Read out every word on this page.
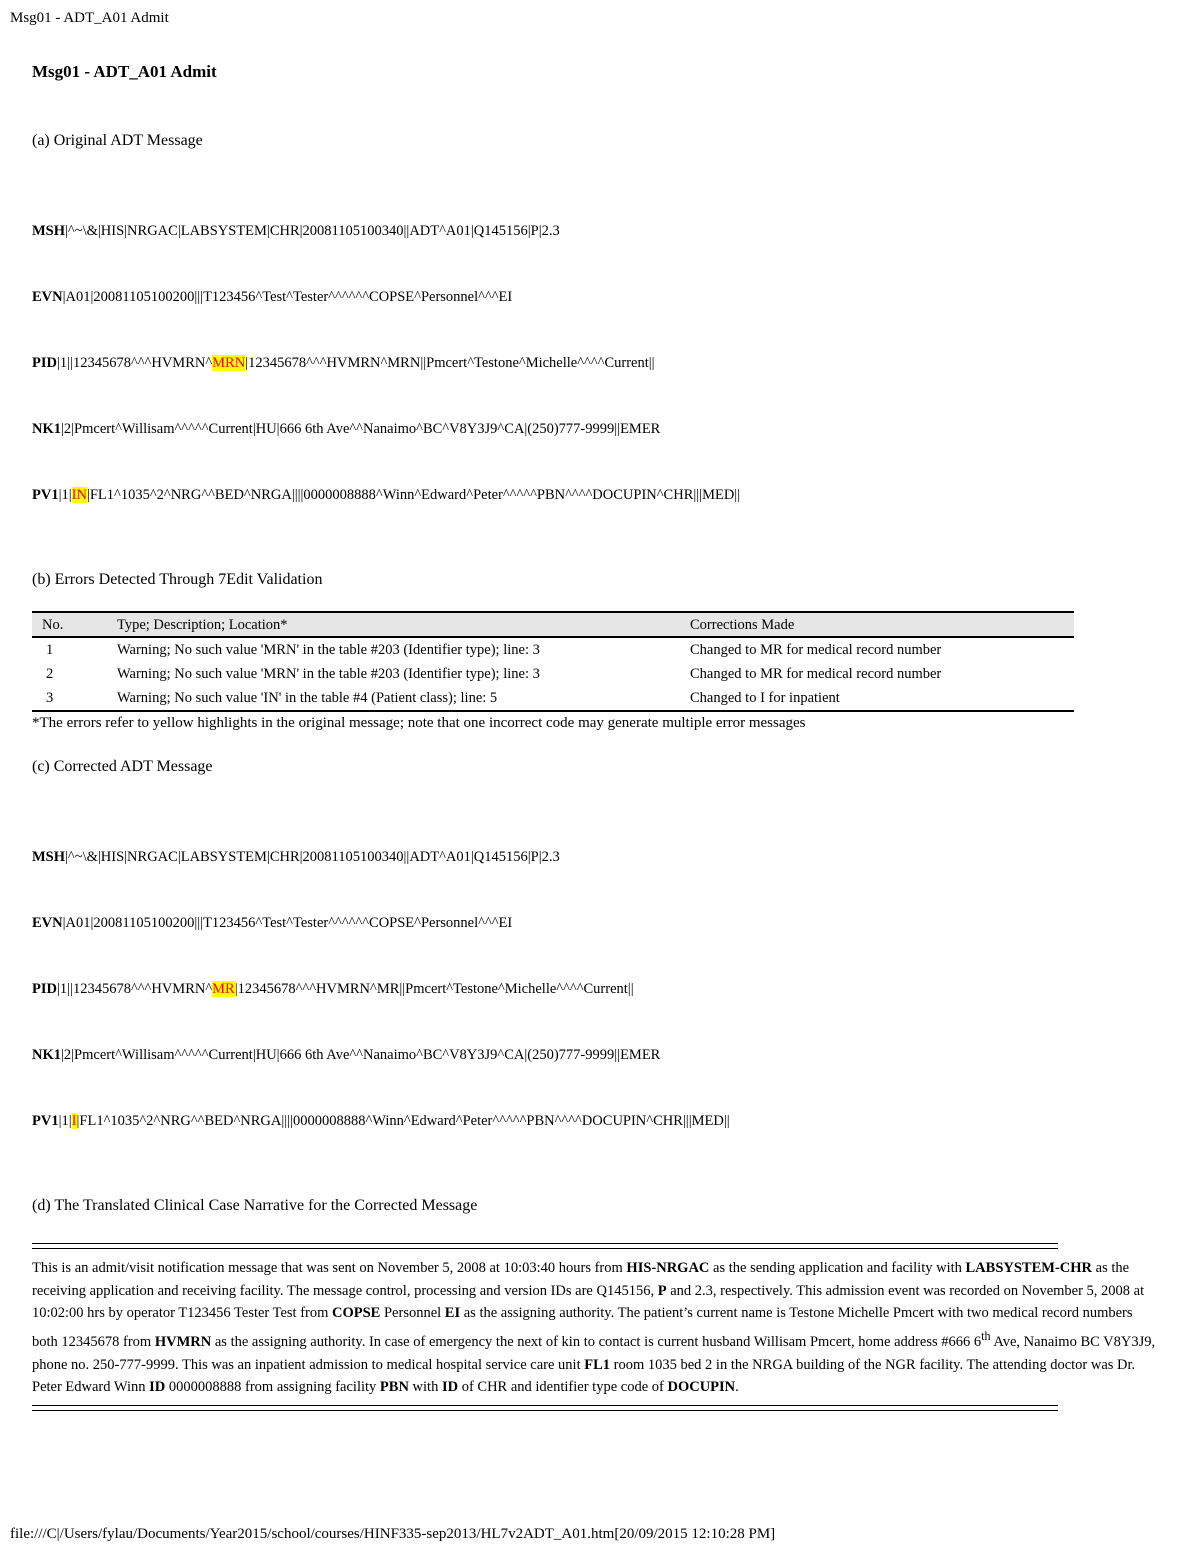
Msg01 - ADT_A01 Admit
Msg01 - ADT_A01 Admit
(a) Original ADT Message

MSH|^~\&|HIS|NRGAC|LABSYSTEM|CHR|20081105100340||ADT^A01|Q145156|P|2.3

EVN|A01|20081105100200|||T123456^Test^Tester^^^^^^COPSE^Personnel^^^EI

PID|1||12345678^^^HVMRN^MRN|12345678^^^HVMRN^MRN||Pmcert^Testone^Michelle^^^^Current||

NK1|2|Pmcert^Willisam^^^^^Current|HU|666 6th Ave^^Nanaimo^BC^V8Y3J9^CA|(250)777-9999||EMER

PV1|1|IN|FL1^1035^2^NRG^^BED^NRGA||||0000008888^Winn^Edward^Peter^^^^^PBN^^^^DOCUPIN^CHR|||MED||

(b) Errors Detected Through 7Edit Validation
No.	Type; Description; Location*	Corrections Made
1	Warning; No such value 'MRN' in the table #203 (Identifier type); line: 3	Changed to MR for medical record number
2	Warning; No such value 'MRN' in the table #203 (Identifier type); line: 3	Changed to MR for medical record number
3	Warning; No such value 'IN' in the table #4 (Patient class); line: 5	Changed to I for inpatient
*The errors refer to yellow highlights in the original message; note that one incorrect code may generate multiple error messages
(c) Corrected ADT Message

MSH|^~\&|HIS|NRGAC|LABSYSTEM|CHR|20081105100340||ADT^A01|Q145156|P|2.3

EVN|A01|20081105100200|||T123456^Test^Tester^^^^^^COPSE^Personnel^^^EI

PID|1||12345678^^^HVMRN^MR|12345678^^^HVMRN^MR||Pmcert^Testone^Michelle^^^^Current||

NK1|2|Pmcert^Willisam^^^^^Current|HU|666 6th Ave^^Nanaimo^BC^V8Y3J9^CA|(250)777-9999||EMER

PV1|1|I|FL1^1035^2^NRG^^BED^NRGA||||0000008888^Winn^Edward^Peter^^^^^PBN^^^^DOCUPIN^CHR|||MED||

(d) The Translated Clinical Case Narrative for the Corrected Message
This is an admit/visit notification message that was sent on November 5, 2008 at 10:03:40 hours from HIS-NRGAC as the sending application and facility with LABSYSTEM-CHR as the receiving application and receiving facility. The message control, processing and version IDs are Q145156, P and 2.3, respectively. This admission event was recorded on November 5, 2008 at 10:02:00 hrs by operator T123456 Tester Test from COPSE Personnel EI as the assigning authority. The patient’s current name is Testone Michelle Pmcert with two medical record numbers both 12345678 from HVMRN as the assigning authority. In case of emergency the next of kin to contact is current husband Willisam Pmcert, home address #666 6th Ave, Nanaimo BC V8Y3J9, phone no. 250-777-9999. This was an inpatient admission to medical hospital service care unit FL1 room 1035 bed 2 in the NRGA building of the NGR facility. The attending doctor was Dr. Peter Edward Winn ID 0000008888 from assigning facility PBN with ID of CHR and identifier type code of DOCUPIN.
file:///C|/Users/fylau/Documents/Year2015/school/courses/HINF335-sep2013/HL7v2ADT_A01.htm[20/09/2015 12:10:28 PM]
